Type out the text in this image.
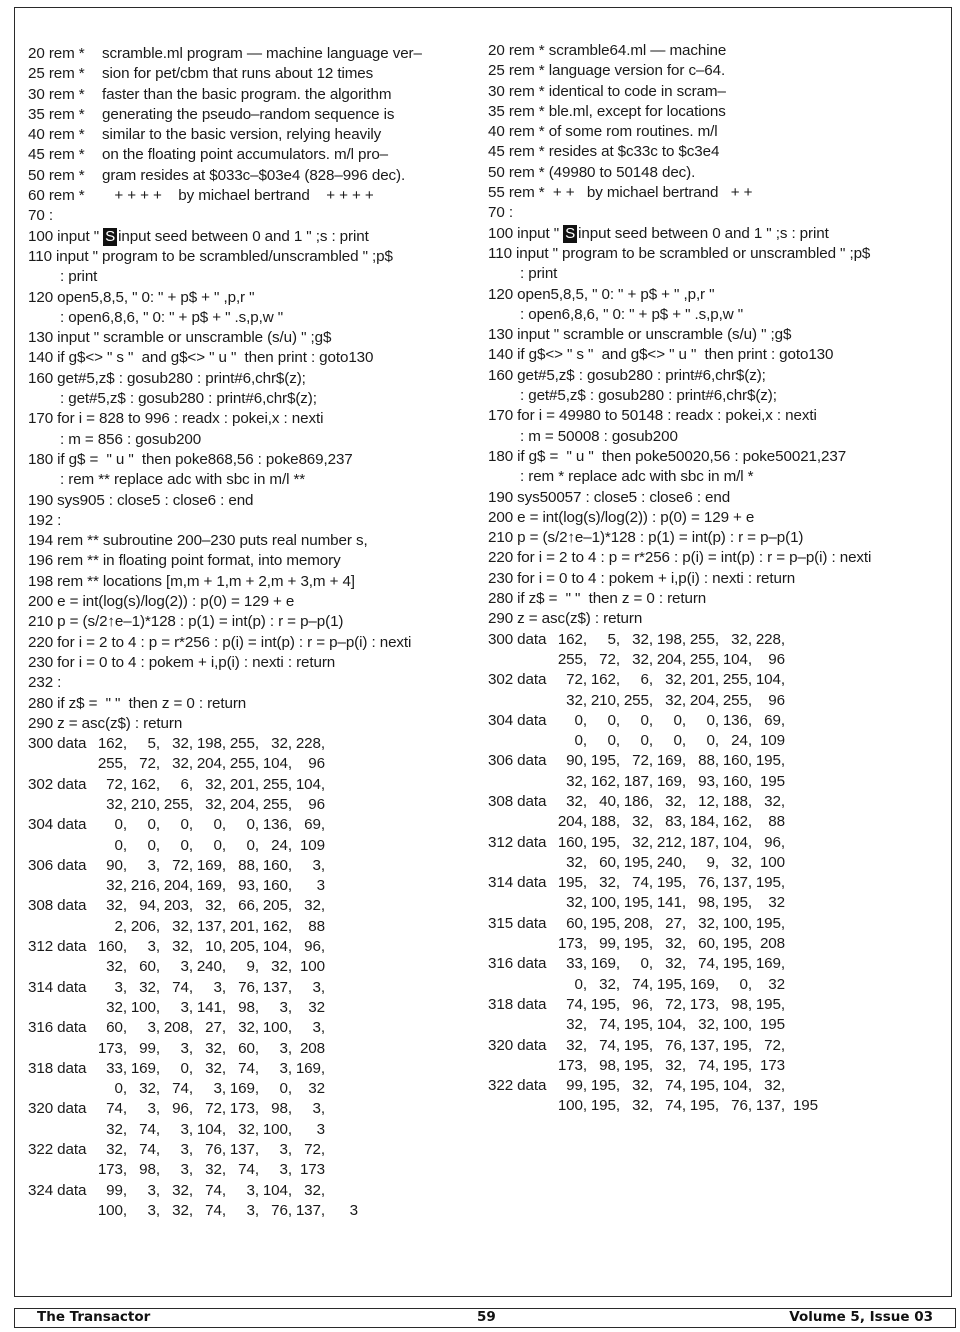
20 rem * scramble.ml program — machine language ver–
25 rem * sion for pet/cbm that runs about 12 times
30 rem * faster than the basic program. the algorithm
35 rem * generating the pseudo–random sequence is
40 rem * similar to the basic version, relying heavily
45 rem * on the floating point accumulators. m/l pro–
50 rem * gram resides at $033c–$03e4 (828–996 dec).
60 rem *   + + + +    by michael bertrand    + + + +
70 :
100 input " S input seed between 0 and 1 " ;s : print
110 input " program to be scrambled/unscrambled " ;p$
: print
120 open5,8,5, " 0: " + p$ + " ,p,r "
: open6,8,6, " 0: " + p$ + " .s,p,w "
130 input " scramble or unscramble (s/u) " ;g$
140 if g$<> " s "  and g$<> " u "  then print : goto130
160 get#5,z$ : gosub280 : print#6,chr$(z);
: get#5,z$ : gosub280 : print#6,chr$(z);
170 for i = 828 to 996 : readx : pokei,x : nexti
: m = 856 : gosub200
180 if g$ =  " u "  then poke868,56 : poke869,237
: rem ** replace adc with sbc in m/l **
190 sys905 : close5 : close6 : end
192 :
194 rem ** subroutine 200–230 puts real number s,
196 rem ** in floating point format, into memory
198 rem ** locations [m,m + 1,m + 2,m + 3,m + 4]
200 e = int(log(s)/log(2)) : p(0) = 129 + e
210 p = (s/2↑e–1)*128 : p(1) = int(p) : r = p–p(1)
220 for i = 2 to 4 : p = r*256 : p(i) = int(p) : r = p–p(i) : nexti
230 for i = 0 to 4 : pokem + i,p(i) : nexti : return
232 :
280 if z$ =  " "  then z = 0 : return
290 z = asc(z$) : return
300 data 162, 5, 32, 198, 255, 32, 228,
255, 72, 32, 204, 255, 104, 96
302 data 72, 162, 6, 32, 201, 255, 104,
32, 210, 255, 32, 204, 255, 96
304 data 0, 0, 0, 0, 0, 136, 69,
0, 0, 0, 0, 0, 24, 109
306 data 90, 3, 72, 169, 88, 160, 3,
32, 216, 204, 169, 93, 160, 3
308 data 32, 94, 203, 32, 66, 205, 32,
2, 206, 32, 137, 201, 162, 88
312 data 160, 3, 32, 10, 205, 104, 96,
32, 60, 3, 240, 9, 32, 100
314 data 3, 32, 74, 3, 76, 137, 3,
32, 100, 3, 141, 98, 3, 32
316 data 60, 3, 208, 27, 32, 100, 3,
173, 99, 3, 32, 60, 3, 208
318 data 33, 169, 0, 32, 74, 3, 169,
0, 32, 74, 3, 169, 0, 32
320 data 74, 3, 96, 72, 173, 98, 3,
32, 74, 3, 104, 32, 100, 3
322 data 32, 74, 3, 76, 137, 3, 72,
173, 98, 3, 32, 74, 3, 173
324 data 99, 3, 32, 74, 3, 104, 32,
100, 3, 32, 74, 3, 76, 137, 3
20 rem * scramble64.ml — machine
25 rem * language version for c–64.
30 rem * identical to code in scram–
35 rem * ble.ml, except for locations
40 rem * of some rom routines. m/l
45 rem * resides at $c33c to $c3e4
50 rem * (49980 to 50148 dec).
55 rem *  + +   by michael bertrand   + +
70 :
100 input " S input seed between 0 and 1 " ;s : print
110 input " program to be scrambled or unscrambled " ;p$
: print
120 open5,8,5, " 0: " + p$ + " ,p,r "
: open6,8,6, " 0: " + p$ + " .s,p,w "
130 input " scramble or unscramble (s/u) " ;g$
140 if g$<> " s "  and g$<> " u "  then print : goto130
160 get#5,z$ : gosub280 : print#6,chr$(z);
: get#5,z$ : gosub280 : print#6,chr$(z);
170 for i = 49980 to 50148 : readx : pokei,x : nexti
: m = 50008 : gosub200
180 if g$ =  " u "  then poke50020,56 : poke50021,237
: rem * replace adc with sbc in m/l *
190 sys50057 : close5 : close6 : end
200 e = int(log(s)/log(2)) : p(0) = 129 + e
210 p = (s/2↑e–1)*128 : p(1) = int(p) : r = p–p(1)
220 for i = 2 to 4 : p = r*256 : p(i) = int(p) : r = p–p(i) : nexti
230 for i = 0 to 4 : pokem + i,p(i) : nexti : return
280 if z$ =  " "  then z = 0 : return
290 z = asc(z$) : return
300 data 162, 5, 32, 198, 255, 32, 228,
255, 72, 32, 204, 255, 104, 96
302 data 72, 162, 6, 32, 201, 255, 104,
32, 210, 255, 32, 204, 255, 96
304 data 0, 0, 0, 0, 0, 136, 69,
0, 0, 0, 0, 0, 24, 109
306 data 90, 195, 72, 169, 88, 160, 195,
32, 162, 187, 169, 93, 160, 195
308 data 32, 40, 186, 32, 12, 188, 32,
204, 188, 32, 83, 184, 162, 88
312 data 160, 195, 32, 212, 187, 104, 96,
32, 60, 195, 240, 9, 32, 100
314 data 195, 32, 74, 195, 76, 137, 195,
32, 100, 195, 141, 98, 195, 32
315 data 60, 195, 208, 27, 32, 100, 195,
173, 99, 195, 32, 60, 195, 208
316 data 33, 169, 0, 32, 74, 195, 169,
0, 32, 74, 195, 169, 0, 32
318 data 74, 195, 96, 72, 173, 98, 195,
32, 74, 195, 104, 32, 100, 195
320 data 32, 74, 195, 76, 137, 195, 72,
173, 98, 195, 32, 74, 195, 173
322 data 99, 195, 32, 74, 195, 104, 32,
100, 195, 32, 74, 195, 76, 137, 195
The Transactor	59	Volume 5, Issue 03
